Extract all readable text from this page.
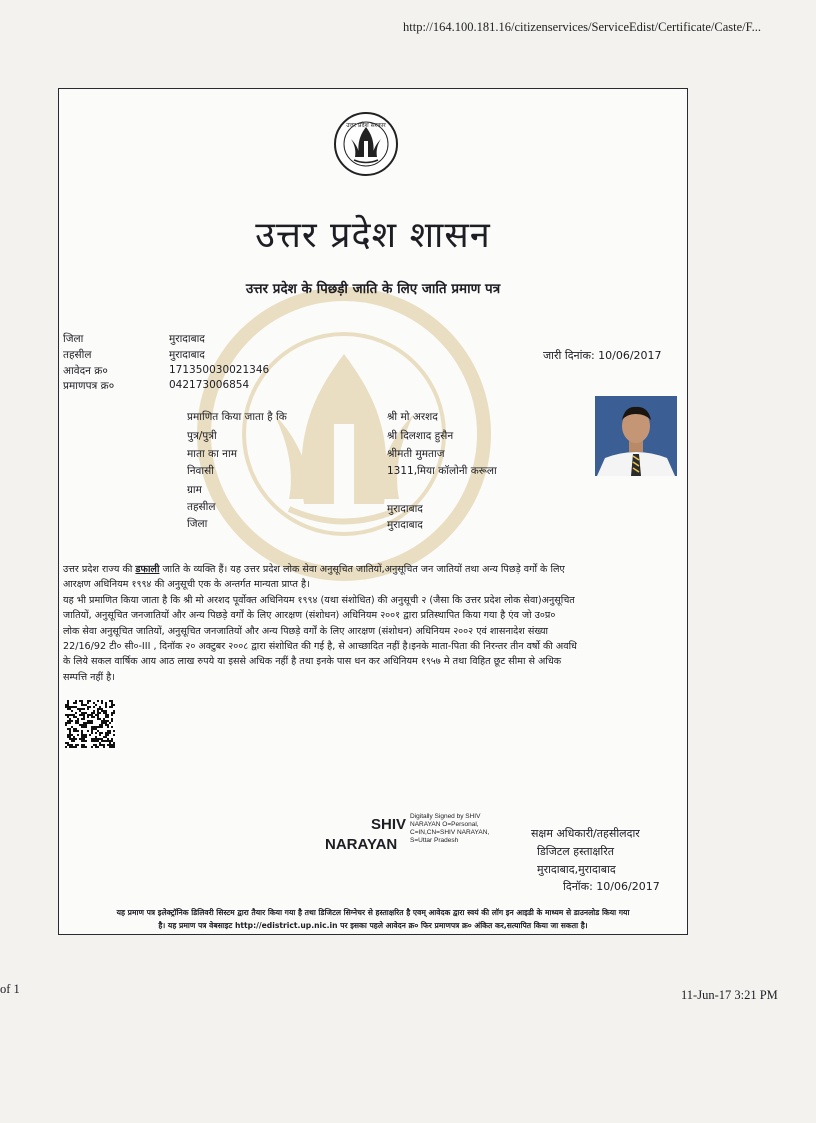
http://164.100.181.16/citizenservices/ServiceEdist/Certificate/Caste/F...
उत्तर प्रदेश सरकार
उत्तर प्रदेश शासन
उत्तर प्रदेश के पिछड़ी जाति के लिए जाति प्रमाण पत्र
जिला	मुरादाबाद
तहसील	मुरादाबाद
आवेदन क्र०	171350030021346
प्रमाणपत्र क्र०	042173006854
जारी दिनांक: 10/06/2017
प्रमाणित किया जाता है कि	श्री मो अरशद
पुत्र/पुत्री	श्री दिलशाद हुसैन
माता का नाम	श्रीमती मुमताज
निवासी	1311,मिया कॉलोनी करूला
ग्राम
तहसील	मुरादाबाद
जिला	मुरादाबाद

उत्तर प्रदेश राज्य की डफाली जाति के व्यक्ति हैं। यह उत्तर प्रदेश लोक सेवा अनुसूचित जातियों,अनुसूचित जन जातियों तथा अन्य पिछड़े वर्गों के लिए

आरक्षण अधिनियम १९९४ की अनुसूची एक के अन्तर्गत मान्यता प्राप्त है।

यह भी प्रमाणित किया जाता है कि श्री मो अरशद पूर्वोक्त अधिनियम १९९४ (यथा संशोधित) की अनुसूची २ (जैसा कि उत्तर प्रदेश लोक सेवा)अनुसूचित

जातियों, अनुसूचित जनजातियों और अन्य पिछड़े वर्गों के लिए आरक्षण (संशोधन) अधिनियम २००१ द्वारा प्रतिस्थापित किया गया है एंव जो उ०प्र०

लोक सेवा अनुसूचित जातियों, अनुसूचित जनजातियों और अन्य पिछड़े वर्गों के लिए आरक्षण (संशोधन) अधिनियम २००२ एवं शासनादेश संख्या

22/16/92 टी० सी०-III , दिनॉक २० अक्टुबर २००८ द्वारा संशोधित की गई है, से आच्छादित नहीं है।इनके माता-पिता की निरन्तर तीन वर्षो की अवधि

के लिये सकल वार्षिक आय आठ लाख रुपये या इससे अधिक नहीं है तथा इनके पास धन कर अधिनियम १९५७ मे तथा विहित छूट सीमा से अधिक

सम्पत्ति नहीं है।

SHIV
NARAYAN
Digitally Signed by SHIV
NARAYAN O=Personal,
C=IN,CN=SHIV NARAYAN,
S=Uttar Pradesh
सक्षम अधिकारी/तहसीलदार
डिजिटल हस्ताक्षरित
मुरादाबाद,मुरादाबाद
दिनॉक: 10/06/2017
यह प्रमाण पत्र इलेक्ट्रॉनिक डिलिवरी सिस्टम द्वारा तैयार किया गया है तथा डिजिटल सिग्नेचर से हस्ताक्षरित है एवम् आवेदक द्वारा स्वयं की लॉग इन आइडी के माध्यम से डाउनलोड किया गया
है। यह प्रमाण पत्र वेबसाइट http://edistrict.up.nic.in पर इसका पहले आवेदन क्र० फिर प्रमाणपत्र क्र० अंकित कर,सत्यापित किया जा सकता है।
of 1	11-Jun-17 3:21 PM
